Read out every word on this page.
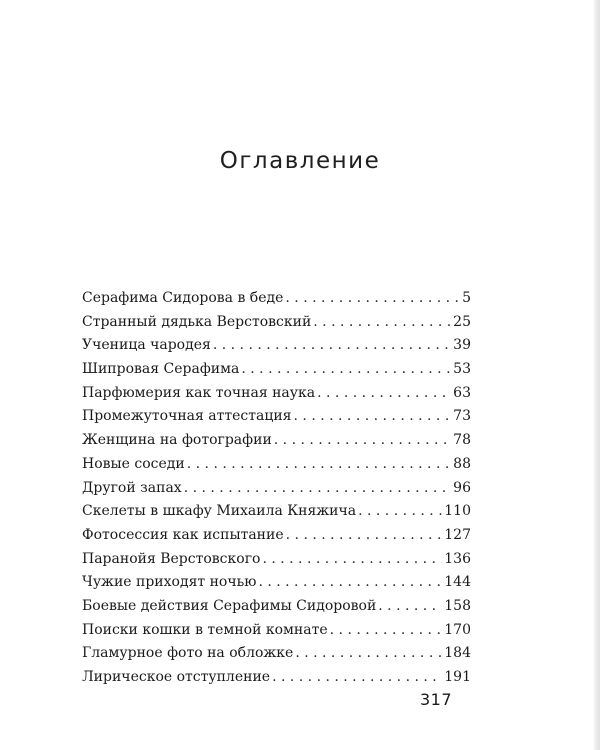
Оглавление
Серафима Сидорова в беде . . .	5
Странный дядька Верстовский . . .	25
Ученица чародея . . .	39
Шипровая Серафима . . .	53
Парфюмерия как точная наука . . .	63
Промежуточная аттестация . . .	73
Женщина на фотографии . . .	78
Новые соседи . . .	88
Другой запах . . .	96
Скелеты в шкафу Михаила Княжича . . .	110
Фотосессия как испытание . . .	127
Паранойя Верстовского . . .	136
Чужие приходят ночью . . .	144
Боевые действия Серафимы Сидоровой . . .	158
Поиски кошки в темной комнате . . .	170
Гламурное фото на обложке . . .	184
Лирическое отступление . . .	191
317
